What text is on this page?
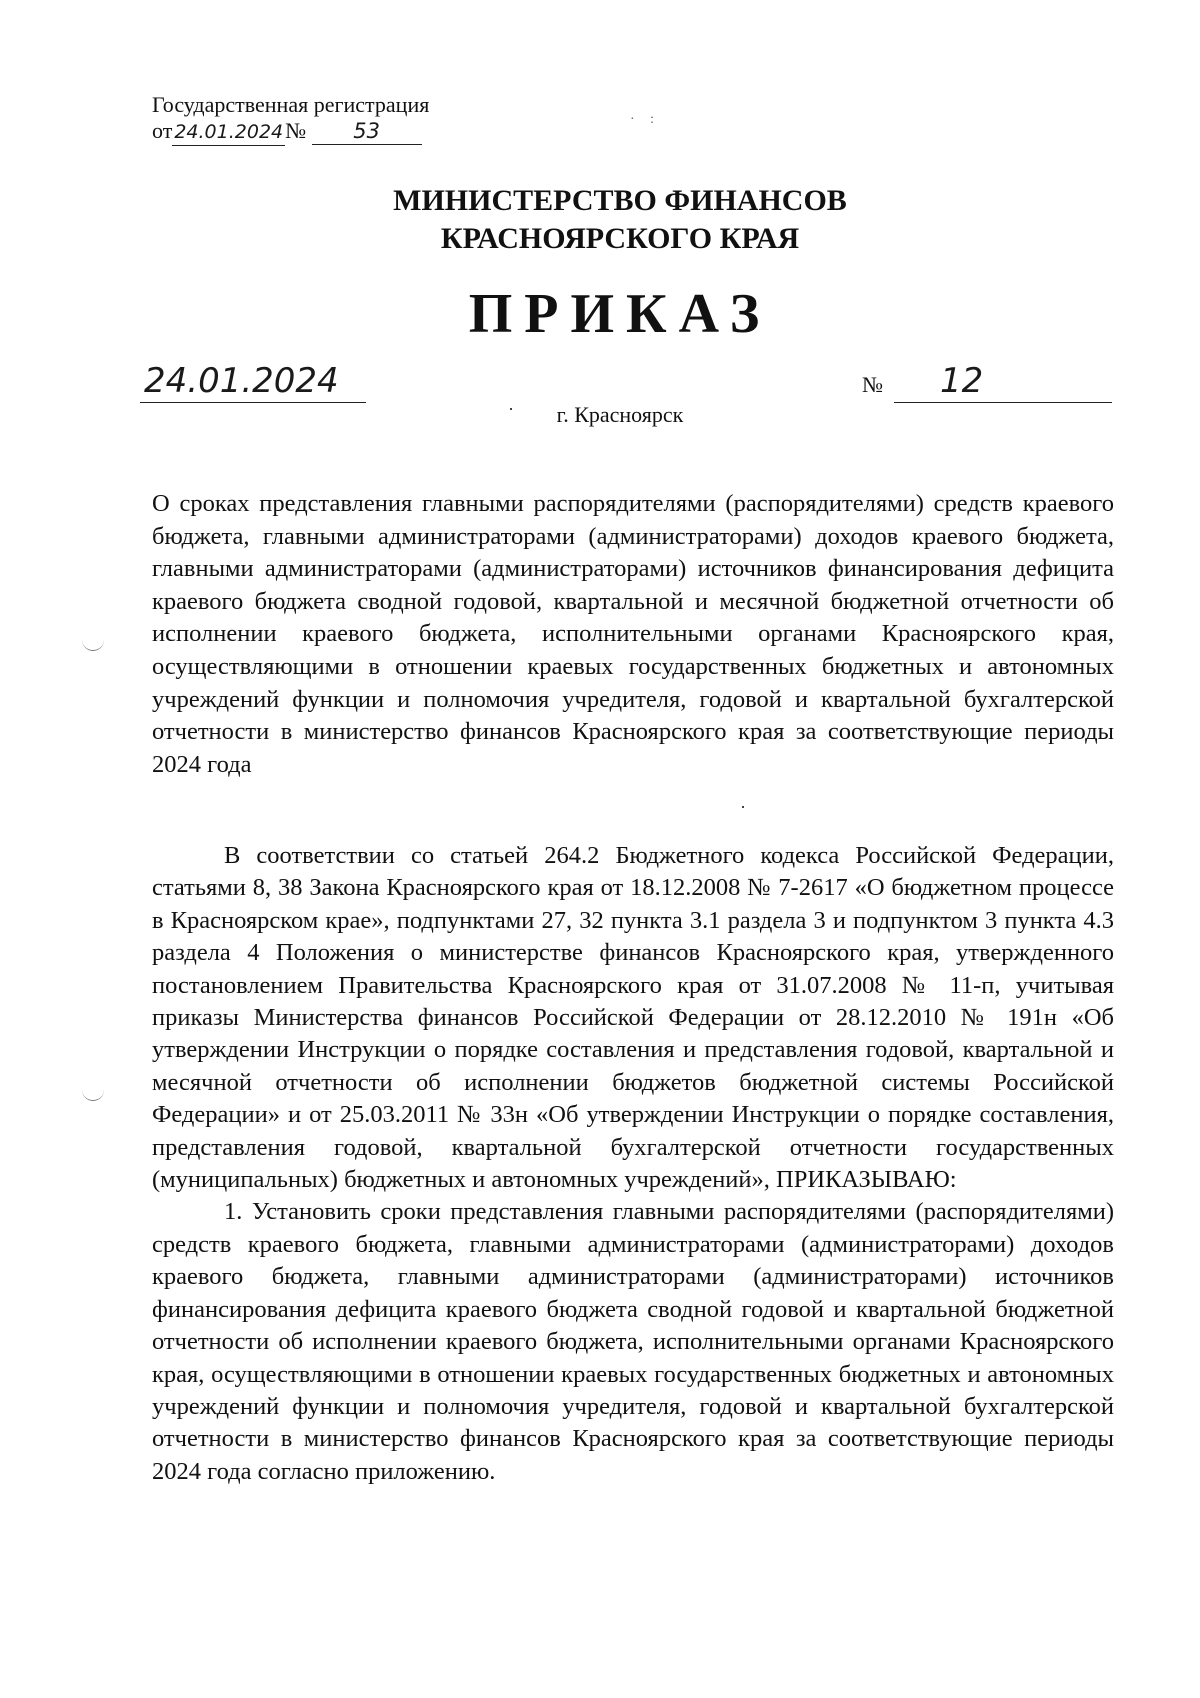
Государственная регистрация
от 24.01.2024№ 53	· :
МИНИСТЕРСТВО ФИНАНСОВ
КРАСНОЯРСКОГО КРАЯ
ПРИКАЗ
24.01.2024	№	12
г. Красноярск
О сроках представления главными распорядителями (распорядителями) средств краевого бюджета, главными администраторами (администраторами) доходов краевого бюджета, главными администраторами (администраторами) источников финансирования дефицита краевого бюджета сводной годовой, квартальной и месячной бюджетной отчетности об исполнении краевого бюджета, исполнительными органами Красноярского края, осуществляющими в отношении краевых государственных бюджетных и автономных учреждений функции и полномочия учредителя, годовой и квартальной бухгалтерской отчетности в министерство финансов Красноярского края за соответствующие периоды 2024 года

В соответствии со статьей 264.2 Бюджетного кодекса Российской Федерации, статьями 8, 38 Закона Красноярского края от 18.12.2008 № 7-2617 «О бюджетном процессе в Красноярском крае», подпунктами 27, 32 пункта 3.1 раздела 3 и подпунктом 3 пункта 4.3 раздела 4 Положения о министерстве финансов Красноярского края, утвержденного постановлением Правительства Красноярского края от 31.07.2008 № 11-п, учитывая приказы Министерства финансов Российской Федерации от 28.12.2010 № 191н «Об утверждении Инструкции о порядке составления и представления годовой, квартальной и месячной отчетности об исполнении бюджетов бюджетной системы Российской Федерации» и от 25.03.2011 № 33н «Об утверждении Инструкции о порядке составления, представления годовой, квартальной бухгалтерской отчетности государственных (муниципальных) бюджетных и автономных учреждений», ПРИКАЗЫВАЮ:

1. Установить сроки представления главными распорядителями (распорядителями) средств краевого бюджета, главными администраторами (администраторами) доходов краевого бюджета, главными администраторами (администраторами) источников финансирования дефицита краевого бюджета сводной годовой и квартальной бюджетной отчетности об исполнении краевого бюджета, исполнительными органами Красноярского края, осуществляющими в отношении краевых государственных бюджетных и автономных учреждений функции и полномочия учредителя, годовой и квартальной бухгалтерской отчетности в министерство финансов Красноярского края за соответствующие периоды 2024 года согласно приложению.
